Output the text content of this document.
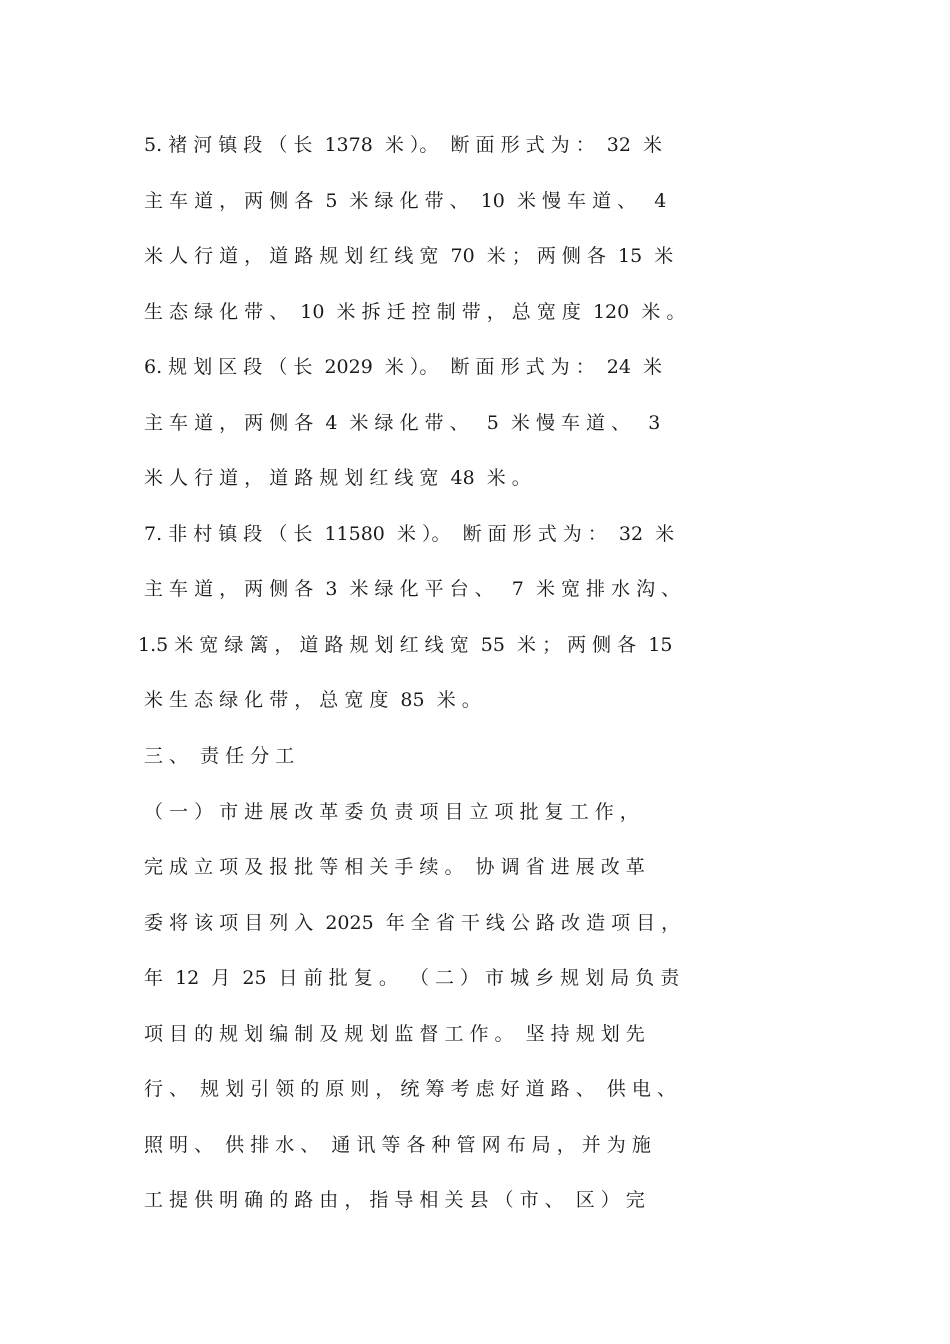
5. 褚 河 镇 段 （ 长  1378  米 ）。  断 面 形 式 为 ：  32  米
主 车 道 ， 两 侧 各  5  米 绿 化 带 、  10  米 慢 车 道 、   4
米 人 行 道 ， 道 路 规 划 红 线 宽  70  米 ； 两 侧 各  15  米
生 态 绿 化 带 、  10  米 拆 迁 控 制 带 ， 总 宽 度  120  米 。
6. 规 划 区 段 （ 长  2029  米 ）。  断 面 形 式 为 ：  24  米
主 车 道 ， 两 侧 各  4  米 绿 化 带 、   5  米 慢 车 道 、   3
米 人 行 道 ， 道 路 规 划 红 线 宽  48  米 。
7. 非 村 镇 段 （ 长  11580  米 ）。  断 面 形 式 为 ：  32  米
主 车 道 ， 两 侧 各  3  米 绿 化 平 台 、   7  米 宽 排 水 沟 、
1.5 米 宽 绿 篱 ， 道 路 规 划 红 线 宽  55  米 ； 两 侧 各  15
米 生 态 绿 化 带 ， 总 宽 度  85  米 。
三 、  责 任 分 工
（ 一 ） 市 进 展 改 革 委 负 责 项 目 立 项 批 复 工 作 ，
完 成 立 项 及 报 批 等 相 关 手 续 。  协 调 省 进 展 改 革
委 将 该 项 目 列 入  2025  年 全 省 干 线 公 路 改 造 项 目 ，
年  12  月  25  日 前 批 复 。  （ 二 ） 市 城 乡 规 划 局 负 责
项 目 的 规 划 编 制 及 规 划 监 督 工 作 。  坚 持 规 划 先
行 、  规 划 引 领 的 原 则 ， 统 筹 考 虑 好 道 路 、  供 电 、
照 明 、  供 排 水 、  通 讯 等 各 种 管 网 布 局 ， 并 为 施
工 提 供 明 确 的 路 由 ， 指 导 相 关 县 （ 市 、  区 ） 完
